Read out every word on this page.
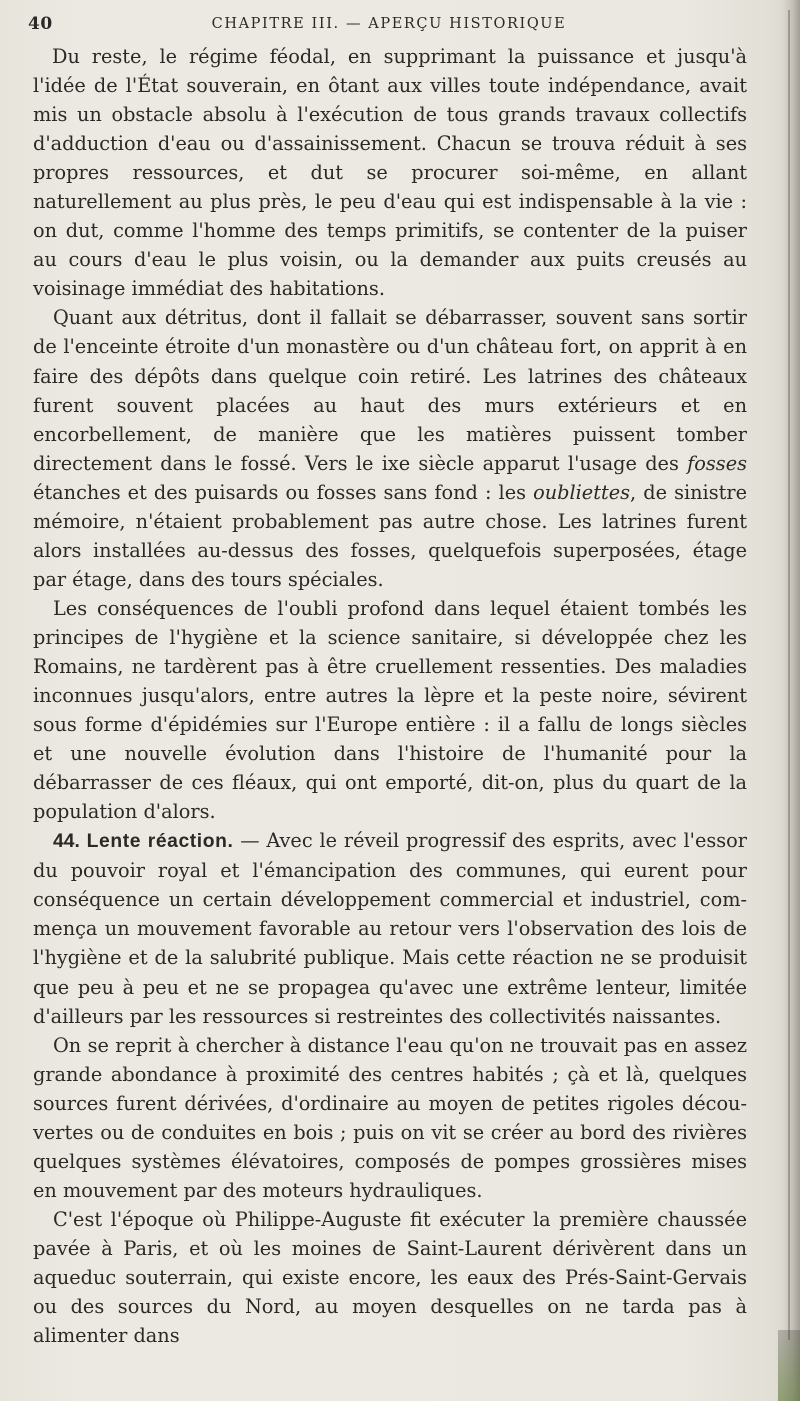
40	CHAPITRE III. — APERÇU HISTORIQUE

Du reste, le régime féodal, en supprimant la puissance et jusqu'à l'idée de l'État souverain, en ôtant aux villes toute indépendance, avait mis un obstacle absolu à l'exécution de tous grands travaux collectifs d'adduction d'eau ou d'assainissement. Chacun se trouva réduit à ses propres ressources, et dut se procurer soi-même, en allant naturellement au plus près, le peu d'eau qui est indispensable à la vie : on dut, comme l'homme des temps primitifs, se contenter de la puiser au cours d'eau le plus voisin, ou la demander aux puits creusés au voisinage immédiat des habitations.

Quant aux détritus, dont il fallait se débarrasser, souvent sans sortir de l'enceinte étroite d'un monastère ou d'un château fort, on apprit à en faire des dépôts dans quelque coin retiré. Les latrines des châteaux furent souvent placées au haut des murs extérieurs et en encorbellement, de manière que les matières puissent tomber directement dans le fossé. Vers le ixe siècle apparut l'usage des fosses étanches et des puisards ou fosses sans fond : les oubliettes, de sinistre mémoire, n'étaient probablement pas autre chose. Les latrines furent alors installées au-dessus des fosses, quelquefois superposées, étage par étage, dans des tours spéciales.

Les conséquences de l'oubli profond dans lequel étaient tombés les principes de l'hygiène et la science sanitaire, si développée chez les Romains, ne tardèrent pas à être cruellement ressenties. Des maladies inconnues jusqu'alors, entre autres la lèpre et la peste noire, sévirent sous forme d'épidémies sur l'Europe entière : il a fallu de longs siècles et une nouvelle évolution dans l'histoire de l'humanité pour la débarrasser de ces fléaux, qui ont emporté, dit-on, plus du quart de la population d'alors.

44. Lente réaction. — Avec le réveil progressif des esprits, avec l'essor du pouvoir royal et l'émancipation des communes, qui eurent pour conséquence un certain développement commercial et industriel, commença un mouvement favorable au retour vers l'observation des lois de l'hygiène et de la salubrité publique. Mais cette réaction ne se produisit que peu à peu et ne se propagea qu'avec une extrême lenteur, limitée d'ailleurs par les ressources si restreintes des collectivités naissantes.

On se reprit à chercher à distance l'eau qu'on ne trouvait pas en assez grande abondance à proximité des centres habités ; çà et là, quelques sources furent dérivées, d'ordinaire au moyen de petites rigoles découvertes ou de conduites en bois ; puis on vit se créer au bord des rivières quelques systèmes élévatoires, composés de pompes grossières mises en mouvement par des moteurs hydrauliques.

C'est l'époque où Philippe-Auguste fit exécuter la première chaussée pavée à Paris, et où les moines de Saint-Laurent dérivèrent dans un aqueduc souterrain, qui existe encore, les eaux des Prés-Saint-Gervais ou des sources du Nord, au moyen desquelles on ne tarda pas à alimenter dans
